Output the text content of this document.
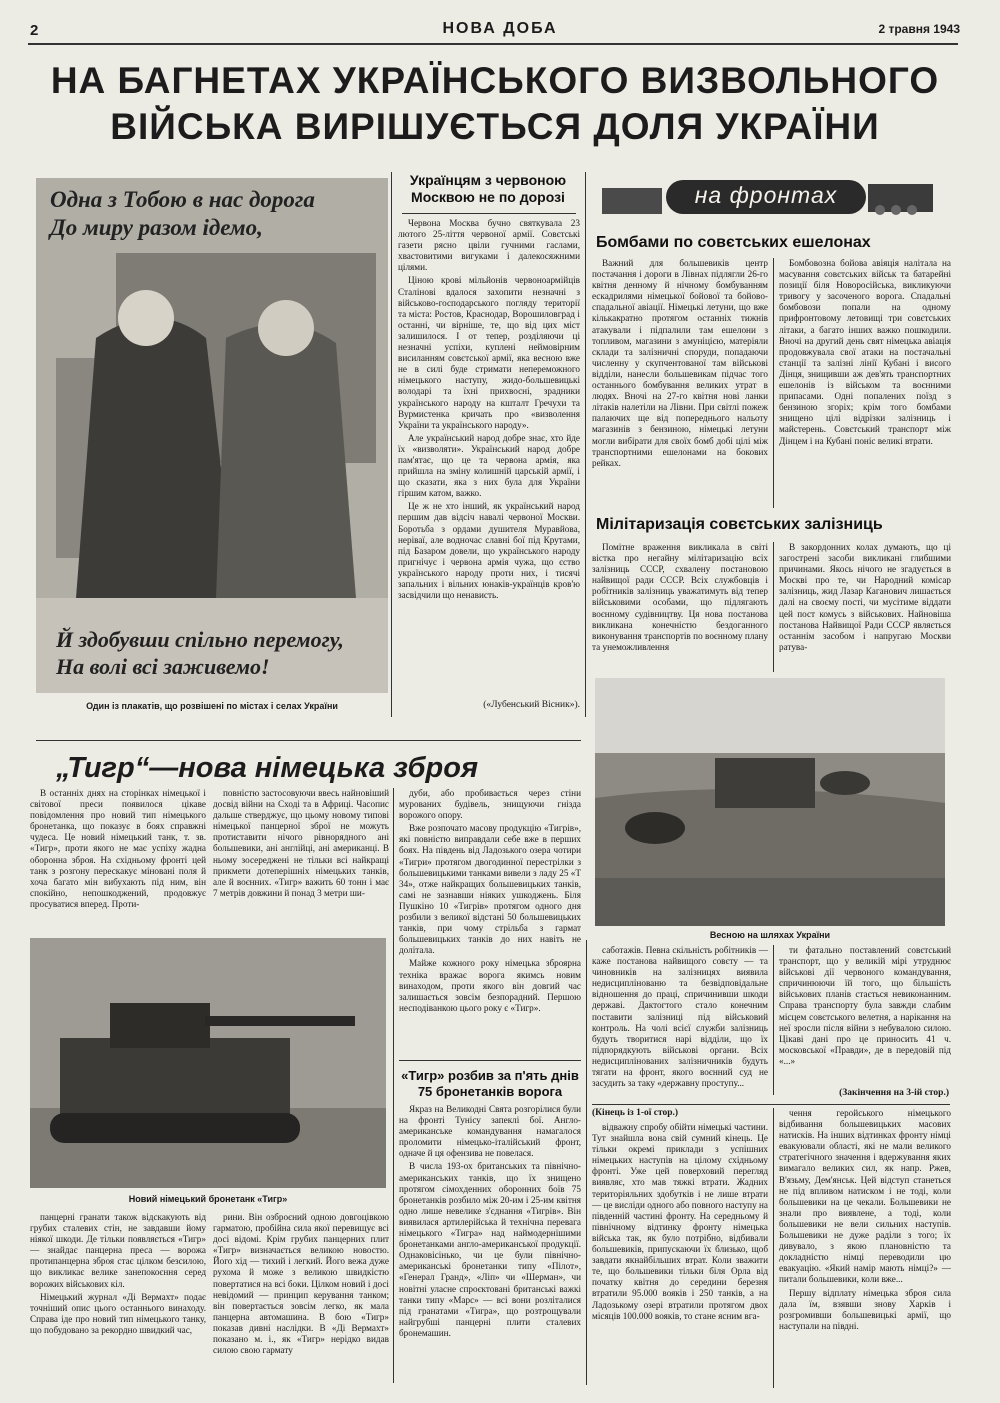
2	НОВА ДОБА	2 травня 1943
НА БАГНЕТАХ УКРАЇНСЬКОГО ВИЗВОЛЬНОГО
ВІЙСЬКА ВИРІШУЄТЬСЯ ДОЛЯ УКРАЇНИ
Одна з Тобою в нас дорога
До миру разом ідемо,
Й здобувши спільно перемогу,
На волі всі заживемо!
Один із плакатів, що розвішені по містах і селах України
Українцям з червоною Москвою не по дорозі

Червона Москва бучно святкувала 23 лютого 25-ліття червоної армії. Совєтські газети рясно цвіли гучними гаслами, хвастовитими вигуками і далекосяжними цілями.

Ціною крові мільйонів червоноармійців Сталінові вдалося захопити незначні з військово-господарського погляду території та міста: Ростов, Краснодар, Ворошиловград і останні, чи вірніше, те, що від цих міст залишилося. І от тепер, розділяючи ці незначні успіхи, куплені неймовірним висиланням совєтської армії, яка весною вже не в силі буде стримати непереможного німецького наступу, жидо-большевицькі володарі та їхні прихвосні, зрадники українського народу на кшталт Гречухи та Вурмистенка кричать про «визволення України та українського народу».

Але український народ добре знає, хто йде їх «визволяти». Український народ добре пам'ятає, що це та червона армія, яка прийшла на зміну колишній царській армії, і що сказати, яка з них була для України гіршим катом, важко.

Це ж не хто інший, як український народ першим дав відсіч навалі червоної Москви. Боротьба з ордами душителя Муравйова, неріваї, але водночас славні бої під Крутами, під Базаром довели, що українського народу пригнічує і червона армія чужа, що єство українського народу проти них, і тисячі запальних і вільних юнаків-українців кров'ю засвідчили що ненависть.

(«Лубенський Вісник»).
на фронтах
Бомбами по совєтських ешелонах

Важний для большевиків центр постачання і дороги в Лівнах підлягли 26-го квітня денному й нічному бомбуванням ескадрилями німецької бойової та бойово-спадальної авіації. Німецькі летуни, що вже кількакратно протягом останніх тижнів атакували і підпалили там ешелони з топливом, магазини з амуніцією, матеріяли склади та залізничні споруди, попадаючи численну у скупчентованої там військові відділи, нанесли большевикам підчас того останнього бомбування великих утрат в людях. Вночі на 27-го квітня нові ланки літаків налетіли на Лівни. При світлі пожеж палаючих ще від попереднього нальоту магазинів з бензиною, німецькі летуни могли вибірати для своїх бомб добі цілі між транспортними ешелонами на бокових рейках.

Бомбовозна бойова авіяція налітала на масування совєтських військ та батарейні позиції біля Новоросійська, викликуючи тривогу у засоченого ворога. Спадальні бомбовози попали на одному прифронтовому летовищі три совєтських літаки, а багато інших важко пошкодили. Вночі на другий день свят німецька авіація продовжувала свої атаки на постачальні станції та залізні лінії Кубані і висого Дінця, знищивши аж дев'ять транспортних ешелонів із військом та воєнними припасами. Одні попалених поїзд з бензиною згоріх; крім того бомбами знищено цілі відрізки залізниць і майстерень. Совєтський транспорт між Дінцем і на Кубані поніс великі втрати.

Мілітаризація совєтських залізниць

Помітне враження викликала в світі вістка про негайну мілітаризацію всіх залізниць СССР, схвалену постановою найвищої ради СССР. Всіх службовців і робітників залізниць уважатимуть від тепер військовими особами, що підлягають воєнному судівництву. Ця нова постанова викликана конечністю бездоганного виконування транспортів по воєнному плану та унеможливлення

В закордонних колах думають, що ці загострені засоби викликані глибшими причинами. Якось нічого не згадується в Москві про те, чи Народний комісар залізниць, жид Лазар Каганович лишається далі на своєму пості, чи мусітиме віддати цей пост комусь з військових. Найновіша постанова Найвищої Ради СССР являється останнім засобом і напругаю Москви ратува-

Весною на шляхах України
„Тигр“—нова німецька зброя

В останніх днях на сторінках німецької і світової преси появилося цікаве повідомлення про новий тип німецького бронетанка, що показує в боях справжні чудеса. Це новий німецький танк, т. зв. «Тигр», проти якого не має успіху жадна оборонна зброя. На східньому фронті цей танк з розгону перескакує міновані поля й хоча багато мін вибухають під ним, він спокійно, непошкоджений, продовжує просуватися вперед. Проти-

повністю застосовуючи ввесь найновіший досвід війни на Сході та в Африці. Часопис дальше стверджує, що цьому новому типові німецької панцерної зброї не можуть протиставити нічого рівнорядного ані большевики, ані англійці, ані американці. В ньому зосереджені не тільки всі найкращі прикмети дотеперішніх німецьких танків, але й воєнних. «Тигр» важить 60 тонн і має 7 метрів довжини й понад 3 метри ши-

Новий німецький бронетанк «Тигр»

панцерні гранати також відскакують від грубих сталевих стін, не завдавши йому ніякої шкоди. Де тільки появляється «Тигр» — знайдає панцерна преса — ворожа протипанцерна зброя стає цілком безсилою, що викликає велике занепокоєння серед ворожих військових кіл.

Німецький журнал «Ді Вермахт» подає точніший опис цього останнього винаходу. Справа іде про новий тип німецького танку, що побудовано за рекордно швидкий час,

рини. Він озброєний одною довгоцівкою гарматою, пробійна сила якої перевищує всі досі відомі. Крім грубих панцерних плит «Тигр» визначається великою новостю. Його хід — тихий і легкий. Його вежа дуже рухома й може з великою швидкістю повертатися на всі боки. Цілком новий і досі невідомий — принцип керування танком; він повертається зовсім легко, як мала панцерна автомашина. В бою «Тигр» показав дивні наслідки. В «Ді Вермахт» показано м. і., як «Тигр» нерідко видав силою свою гармату

дуби, або пробивається через стіни мурованих будівель, знищуючи гнізда ворожого опору.

Вже розпочато масову продукцію «Тигрів», які повністю виправдали себе вже в перших боях. На південь від Ладозького озера чотири «Тигри» протягом двогодинної перестрілки з большевицькими танками вивели з ладу 25 «Т 34», отже найкращих большевицьких танків, самі не зазнавши ніяких ушкоджень. Біля Пушкіно 10 «Тигрів» протягом одного дня розбили з великої відстані 50 большевицьких танків, при чому стрільба з гармат большевицьких танків до них навіть не долітала.

Майже кожного року німецька зброярна техніка вражає ворога якимсь новим винаходом, проти якого він довгий час залишається зовсім безпорадний. Першою несподіванкою цього року є «Тигр».

«Тигр» розбив за п'ять днів 75 бронетанків ворога

Якраз на Великодні Свята розгорілися були на фронті Тунісу запеклі бої. Англо-американське командування намагалося проломити німецько-італійський фронт, одначе й ця офензива не повелася.

В числа 193-ох британських та північно-американських танків, що їх знищено протягом сімохденних оборонних боїв 75 бронетанків розбило між 20-им і 25-им квітня одно лише невелике з'єднання «Тигрів». Він виявилася артилерійська й технічна перевага німецького «Тигра» над наймодернішими бронетанками англо-американської продукції. Однаковісінько, чи це були північно-американські бронетанки типу «Пілот», «Генерал Гранд», «Ліп» чи «Шерман», чи новітні уласне спроєктовані британські важкі танки типу «Марс» — всі вони розліталися під гранатами «Тигра», що розтрощували найгрубші панцерні плити сталевих бронемашин.

саботажів. Певна скільність робітників — каже постанова найвищого совєту — та чиновників на залізницях виявила недисциплінованю та безвідповідальне відношення до праці, спричинивши шкоди державі. Дактогтого стало конечним поставити залізниці під військовий контроль. На чолі всієї служби залізниць будуть творитися нарі відділи, що їх підпорядкують військові органи. Всіх недисциплінованих залізничників будуть тягати на фронт, якого воєнний суд не засудить за таку «державну проступу...

ти фатально поставлений совєтський транспорт, що у великій мірі утруднює військові дії червоного командування, спричинюючи їй того, що більшість військових планів стається невиконанним. Справа транспорту була завжди слабим місцем совєтського велетня, а нарікання на неї зросли після війни з небувалою силою. Цікаві дані про це приносить 41 ч. московської «Правди», де в передовій під «...»

(Закінчення на 3-ій стор.)
(Кінець із 1-ої стор.)

відважну спробу обійти німецькі частини. Тут знайшла вона свій сумний кінець. Це тільки окремі приклади з успішних німецьких наступів на цілому східньому фронті. Уже цей поверховий перегляд виявляє, хто мав тяжкі втрати. Жадних територіяльних здобутків і не лише втрати — це висліди одного або повного наступу на південній частині фронту. На середньому й північному відтинку фронту німецька війська так, як було потрібно, відбивали большевиків, припускаючи їх близько, щоб завдати якнайбільших втрат. Коли зважити те, що большевики тільки біля Орла від початку квітня до середини березня втратили 95.000 вояків і 250 танків, а на Ладозькому озері втратили протягом двох місяців 100.000 вояків, то стане ясним вга-

чення геройського німецького відбивання большевицьких масових натисків. На інших відтинках фронту німці евакуювали області, які не мали великого стратегічного значення і вдержування яких вимагало великих сил, як напр. Ржев, В'язьму, Дем'янськ. Цей відступ станеться не під впливом натиском і не тоді, коли большевики на це чекали. Большевики не знали про виявлене, а тоді, коли большевики не вели сильних наступів. Большевики не дуже раділи з того; їх дивувало, з якою плановністю та докладністю німці переводили цю евакуацію. «Який намір мають німці?» — питали большевики, коли вже...

Першу відплату німецька зброя сила дала їм, взявши знову Харків і розгромивши большевицькі армії, що наступали на півдні.
